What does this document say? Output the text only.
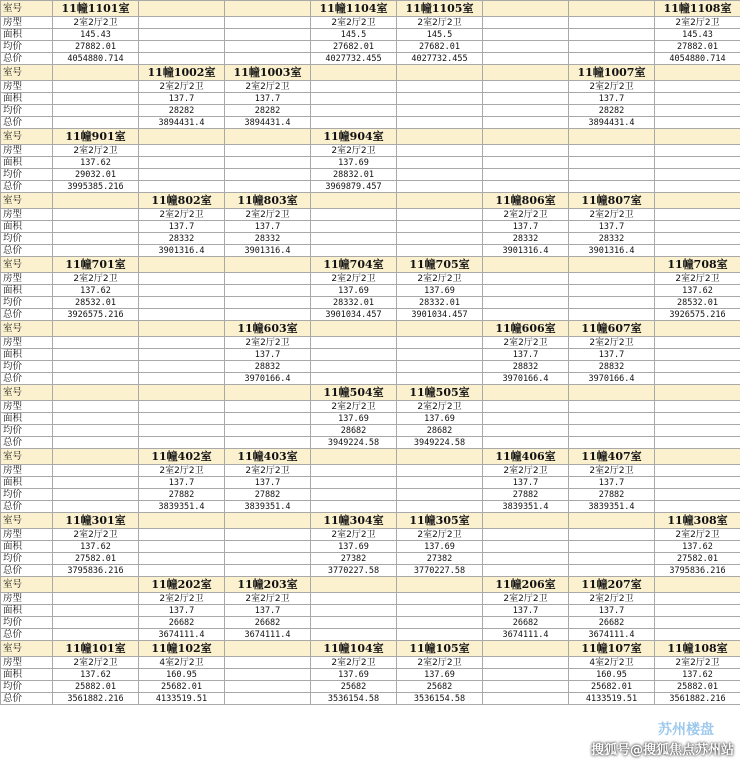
室号	11幢1101室			11幢1104室	11幢1105室			11幢1108室
房型	2室2厅2卫			2室2厅2卫	2室2厅2卫			2室2厅2卫
面积	145.43			145.5	145.5			145.43
均价	27882.01			27682.01	27682.01			27882.01
总价	4054880.714			4027732.455	4027732.455			4054880.714
室号		11幢1002室	11幢1003室				11幢1007室	
房型		2室2厅2卫	2室2厅2卫				2室2厅2卫	
面积		137.7	137.7				137.7	
均价		28282	28282				28282	
总价		3894431.4	3894431.4				3894431.4	
室号	11幢901室			11幢904室				
房型	2室2厅2卫			2室2厅2卫				
面积	137.62			137.69				
均价	29032.01			28832.01				
总价	3995385.216			3969879.457				
室号		11幢802室	11幢803室			11幢806室	11幢807室	
房型		2室2厅2卫	2室2厅2卫			2室2厅2卫	2室2厅2卫	
面积		137.7	137.7			137.7	137.7	
均价		28332	28332			28332	28332	
总价		3901316.4	3901316.4			3901316.4	3901316.4	
室号	11幢701室			11幢704室	11幢705室			11幢708室
房型	2室2厅2卫			2室2厅2卫	2室2厅2卫			2室2厅2卫
面积	137.62			137.69	137.69			137.62
均价	28532.01			28332.01	28332.01			28532.01
总价	3926575.216			3901034.457	3901034.457			3926575.216
室号			11幢603室			11幢606室	11幢607室	
房型			2室2厅2卫			2室2厅2卫	2室2厅2卫	
面积			137.7			137.7	137.7	
均价			28832			28832	28832	
总价			3970166.4			3970166.4	3970166.4	
室号				11幢504室	11幢505室			
房型				2室2厅2卫	2室2厅2卫			
面积				137.69	137.69			
均价				28682	28682			
总价				3949224.58	3949224.58			
室号		11幢402室	11幢403室			11幢406室	11幢407室	
房型		2室2厅2卫	2室2厅2卫			2室2厅2卫	2室2厅2卫	
面积		137.7	137.7			137.7	137.7	
均价		27882	27882			27882	27882	
总价		3839351.4	3839351.4			3839351.4	3839351.4	
室号	11幢301室			11幢304室	11幢305室			11幢308室
房型	2室2厅2卫			2室2厅2卫	2室2厅2卫			2室2厅2卫
面积	137.62			137.69	137.69			137.62
均价	27582.01			27382	27382			27582.01
总价	3795836.216			3770227.58	3770227.58			3795836.216
室号		11幢202室	11幢203室			11幢206室	11幢207室	
房型		2室2厅2卫	2室2厅2卫			2室2厅2卫	2室2厅2卫	
面积		137.7	137.7			137.7	137.7	
均价		26682	26682			26682	26682	
总价		3674111.4	3674111.4			3674111.4	3674111.4	
室号	11幢101室	11幢102室		11幢104室	11幢105室		11幢107室	11幢108室
房型	2室2厅2卫	4室2厅2卫		2室2厅2卫	2室2厅2卫		4室2厅2卫	2室2厅2卫
面积	137.62	160.95		137.69	137.69		160.95	137.62
均价	25882.01	25682.01		25682	25682		25682.01	25882.01
总价	3561882.216	4133519.51		3536154.58	3536154.58		4133519.51	3561882.216
苏州楼盘
搜狐号@搜狐焦点苏州站
